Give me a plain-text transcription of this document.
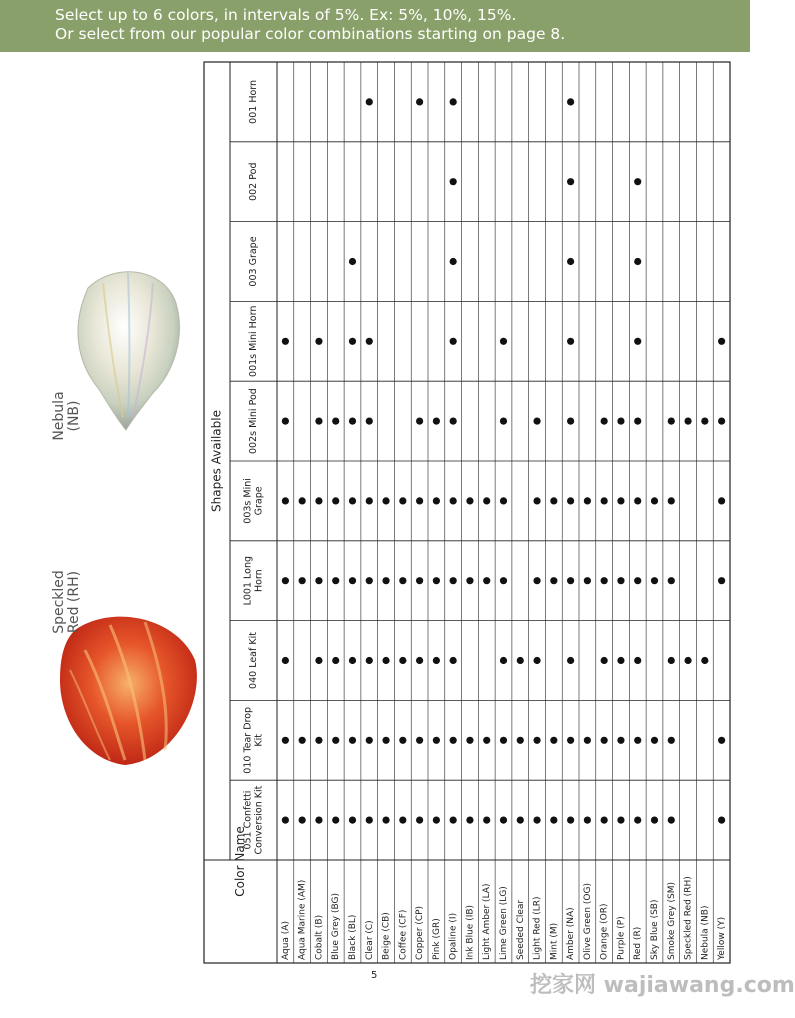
Select up to 6 colors, in intervals of 5%. Ex: 5%, 10%, 15%.
Or select from our popular color combinations starting on page 8.
Speckled Red (RH)
Nebula (NB)	Shapes Available
Color Name
001 Horn
002 Pod
003 Grape
001s Mini Horn
002s Mini Pod
003s MiniGrape
L001 LongHorn
040 Leaf Kit
010 Tear DropKit
051 ConfettiConversion Kit
Aqua (A) Aqua Marine (AM) Cobalt (B) Blue Grey (BG) Black (BL) Clear (C) Beige (CB) Coffee (CF) Copper (CP) Pink (GR) Opaline (I) Ink Blue (IB) Light Amber (LA) Lime Green (LG) Seeded Clear Light Red (LR) Mint (M) Amber (NA) Olive Green (OG) Orange (OR) Purple (P) Red (R) Sky Blue (SB) Smoke Grey (SM) Speckled Red (RH) Nebula (NB) Yellow (Y)
5	挖家网 wajiawang.com
